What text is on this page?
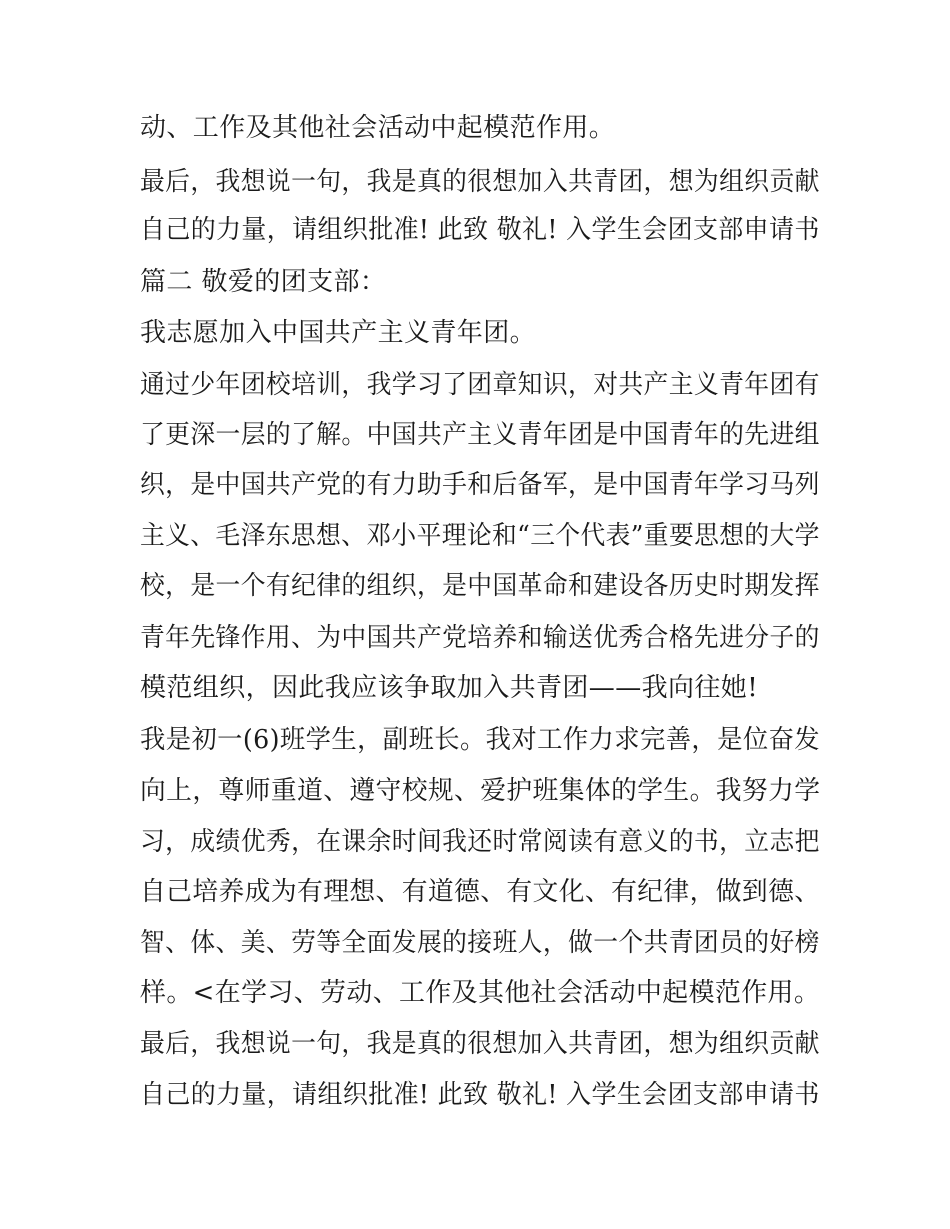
动、工作及其他社会活动中起模范作用。
最后，我想说一句，我是真的很想加入共青团，想为组织贡献
自己的力量，请组织批准! 此致 敬礼! 入学生会团支部申请书
篇二 敬爱的团支部：
我志愿加入中国共产主义青年团。
通过少年团校培训，我学习了团章知识，对共产主义青年团有
了更深一层的了解。中国共产主义青年团是中国青年的先进组
织，是中国共产党的有力助手和后备军，是中国青年学习马列
主义、毛泽东思想、邓小平理论和“三个代表”重要思想的大学
校，是一个有纪律的组织，是中国革命和建设各历史时期发挥
青年先锋作用、为中国共产党培养和输送优秀合格先进分子的
模范组织，因此我应该争取加入共青团——我向往她!
我是初一(6)班学生，副班长。我对工作力求完善，是位奋发
向上，尊师重道、遵守校规、爱护班集体的学生。我努力学
习，成绩优秀，在课余时间我还时常阅读有意义的书，立志把
自己培养成为有理想、有道德、有文化、有纪律，做到德、
智、体、美、劳等全面发展的接班人，做一个共青团员的好榜
样。<在学习、劳动、工作及其他社会活动中起模范作用。
最后，我想说一句，我是真的很想加入共青团，想为组织贡献
自己的力量，请组织批准! 此致 敬礼! 入学生会团支部申请书
